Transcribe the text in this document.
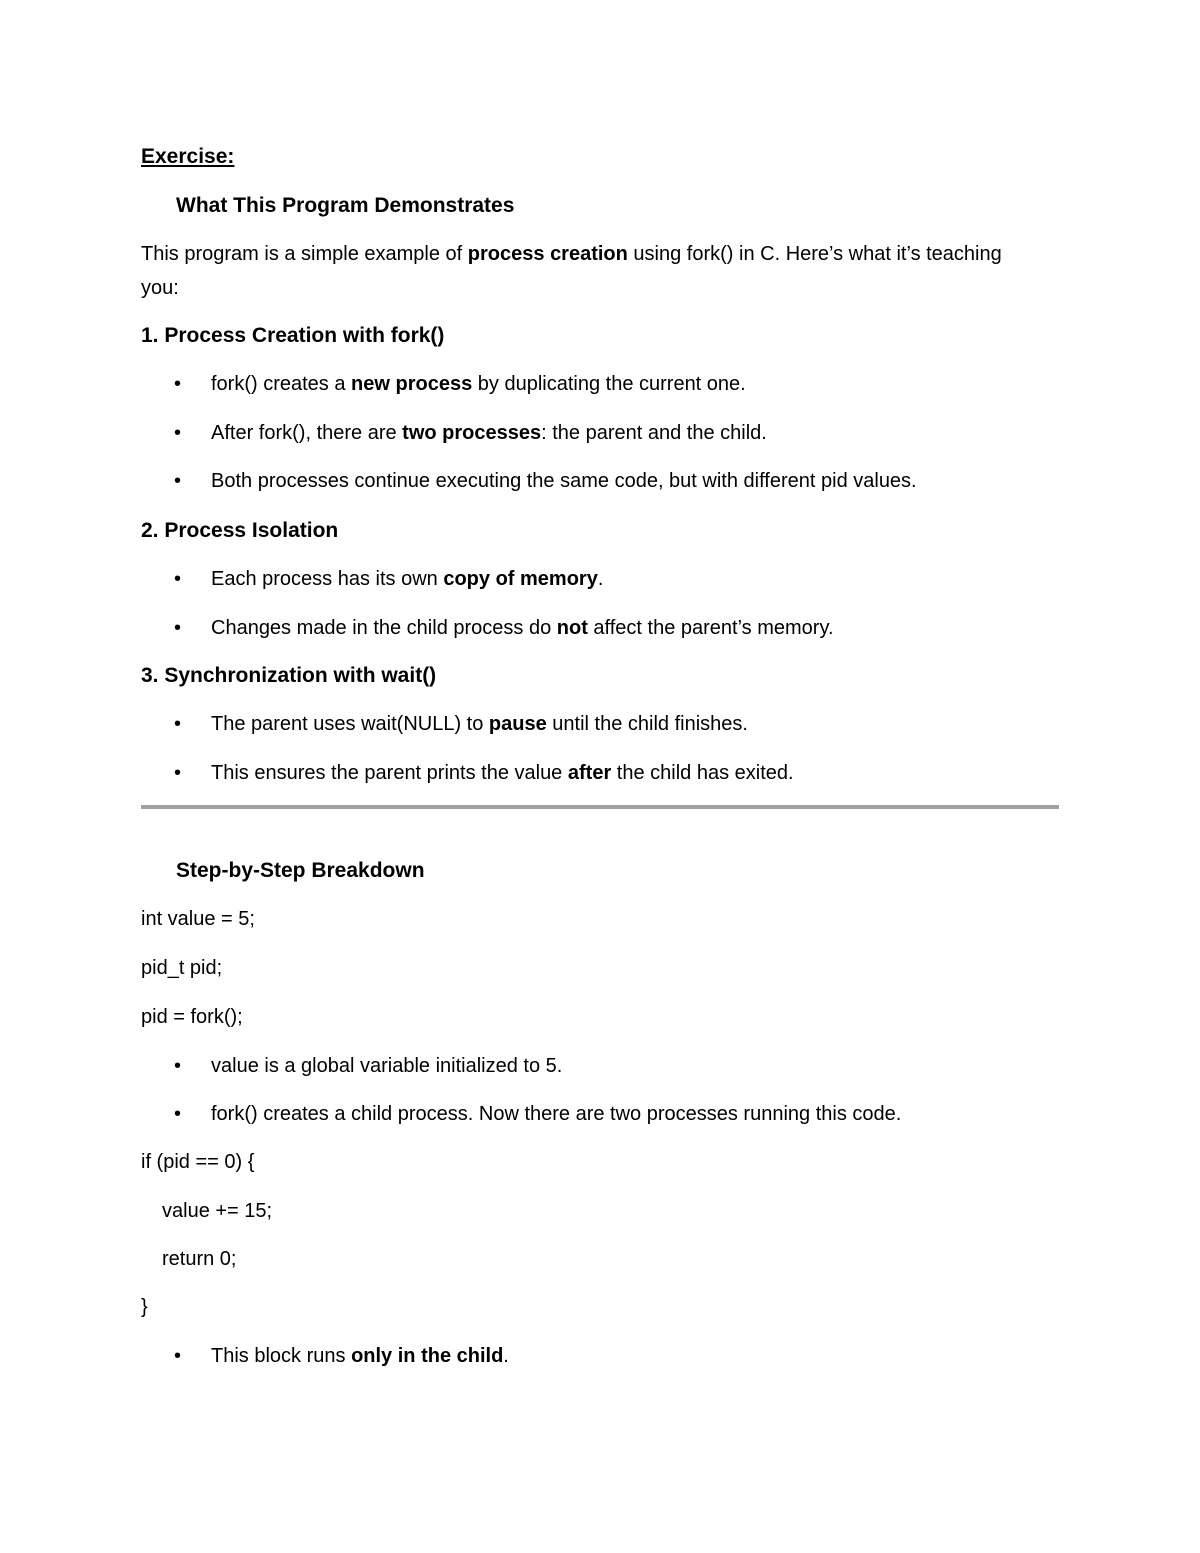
Exercise:
What This Program Demonstrates
This program is a simple example of process creation using fork() in C. Here’s what it’s teaching
you:
1. Process Creation with fork()
• fork() creates a new process by duplicating the current one.
• After fork(), there are two processes: the parent and the child.
• Both processes continue executing the same code, but with different pid values.
2. Process Isolation
• Each process has its own copy of memory.
• Changes made in the child process do not affect the parent’s memory.
3. Synchronization with wait()
• The parent uses wait(NULL) to pause until the child finishes.
• This ensures the parent prints the value after the child has exited.
Step-by-Step Breakdown
int value = 5;
pid_t pid;
pid = fork();
• value is a global variable initialized to 5.
• fork() creates a child process. Now there are two processes running this code.
if (pid == 0) {
value += 15;
return 0;
}
• This block runs only in the child.
